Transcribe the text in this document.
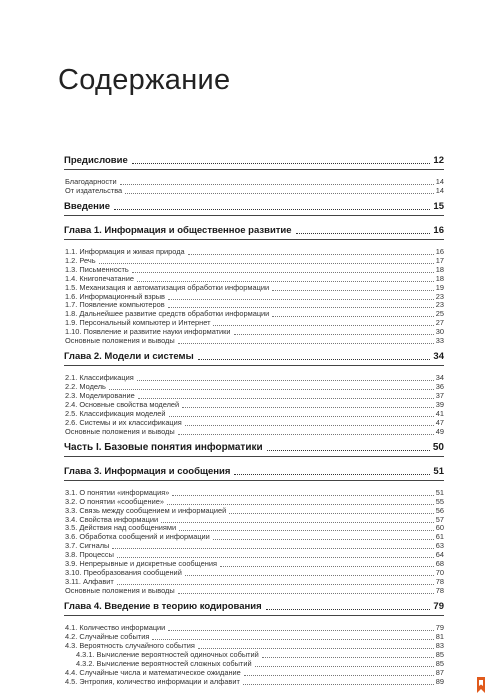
Содержание
Предисловие	12
Благодарности	14
От издательства	14
Введение	15
Глава 1. Информация и общественное развитие	16
1.1. Информация и живая природа	16
1.2. Речь	17
1.3. Письменность	18
1.4. Книгопечатание	18
1.5. Механизация и автоматизация обработки информации	19
1.6. Информационный взрыв	23
1.7. Появление компьютеров	23
1.8. Дальнейшее развитие средств обработки информации	25
1.9. Персональный компьютер и Интернет	27
1.10. Появление и развитие науки информатики	30
Основные положения и выводы	33
Глава 2. Модели и системы	34
2.1. Классификация	34
2.2. Модель	36
2.3. Моделирование	37
2.4. Основные свойства моделей	39
2.5. Классификация моделей	41
2.6. Системы и их классификация	47
Основные положения и выводы	49
Часть I. Базовые понятия информатики	50
Глава 3. Информация и сообщения	51
3.1. О понятии «информация»	51
3.2. О понятии «сообщение»	55
3.3. Связь между сообщением и информацией	56
3.4. Свойства информации	57
3.5. Действия над сообщениями	60
3.6. Обработка сообщений и информации	61
3.7. Сигналы	63
3.8. Процессы	64
3.9. Непрерывные и дискретные сообщения	68
3.10. Преобразования сообщений	70
3.11. Алфавит	78
Основные положения и выводы	78
Глава 4. Введение в теорию кодирования	79
4.1. Количество информации	79
4.2. Случайные события	81
4.3. Вероятность случайного события	83
4.3.1. Вычисление вероятностей одиночных событий	85
4.3.2. Вычисление вероятностей сложных событий	85
4.4. Случайные числа и математическое ожидание	87
4.5. Энтропия, количество информации и алфавит	89
